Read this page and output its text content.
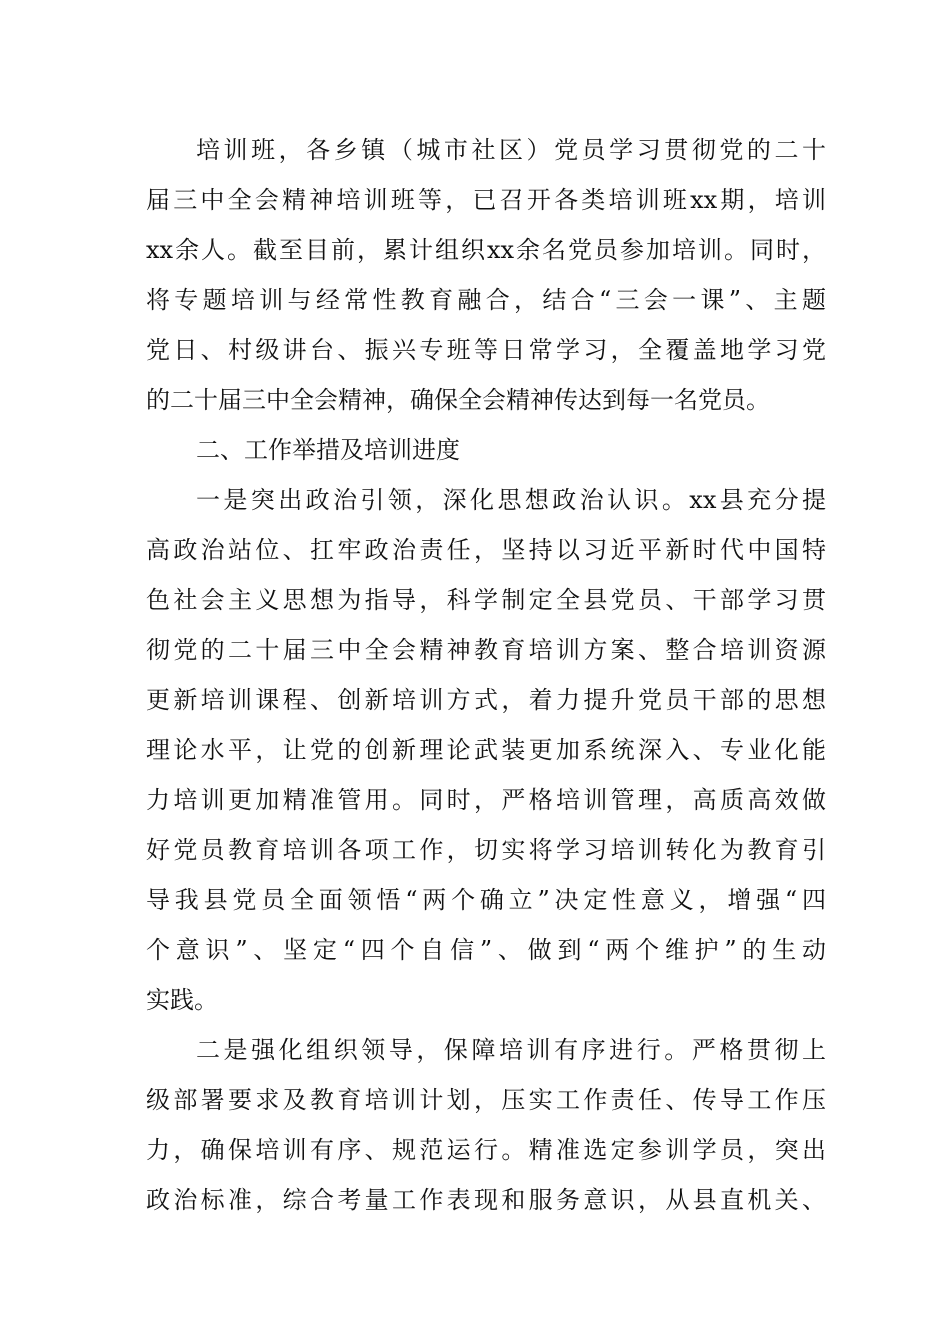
培训班，各乡镇（城市社区）党员学习贯彻党的二十
届三中全会精神培训班等，已召开各类培训班xx期，培训
xx余人。截至目前，累计组织xx余名党员参加培训。同时，
将专题培训与经常性教育融合，结合“三会一课”、主题
党日、村级讲台、振兴专班等日常学习，全覆盖地学习党
的二十届三中全会精神，确保全会精神传达到每一名党员。
二、工作举措及培训进度
一是突出政治引领，深化思想政治认识。xx县充分提
高政治站位、扛牢政治责任，坚持以习近平新时代中国特
色社会主义思想为指导，科学制定全县党员、干部学习贯
彻党的二十届三中全会精神教育培训方案、整合培训资源
更新培训课程、创新培训方式，着力提升党员干部的思想
理论水平，让党的创新理论武装更加系统深入、专业化能
力培训更加精准管用。同时，严格培训管理，高质高效做
好党员教育培训各项工作，切实将学习培训转化为教育引
导我县党员全面领悟“两个确立”决定性意义，增强“四
个意识”、坚定“四个自信”、做到“两个维护”的生动
实践。
二是强化组织领导，保障培训有序进行。严格贯彻上
级部署要求及教育培训计划，压实工作责任、传导工作压
力，确保培训有序、规范运行。精准选定参训学员，突出
政治标准，综合考量工作表现和服务意识，从县直机关、
